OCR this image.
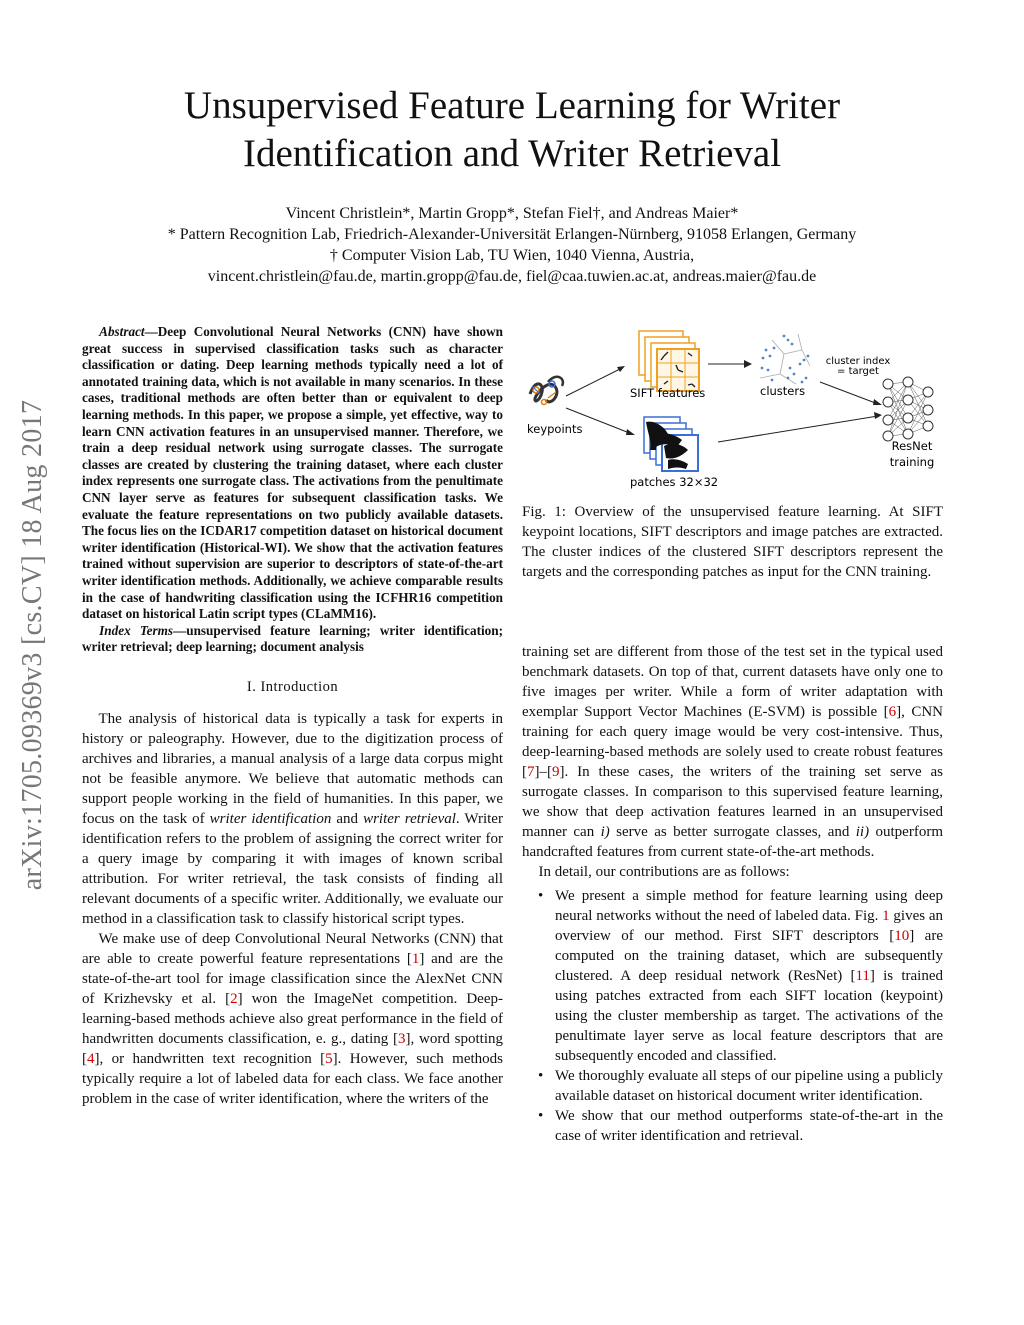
arXiv:1705.09369v3 [cs.CV] 18 Aug 2017
Unsupervised Feature Learning for Writer
Identification and Writer Retrieval
Vincent Christlein*, Martin Gropp*, Stefan Fiel†, and Andreas Maier*
* Pattern Recognition Lab, Friedrich-Alexander-Universität Erlangen-Nürnberg, 91058 Erlangen, Germany
† Computer Vision Lab, TU Wien, 1040 Vienna, Austria,
vincent.christlein@fau.de, martin.gropp@fau.de, fiel@caa.tuwien.ac.at, andreas.maier@fau.de

Abstract—Deep Convolutional Neural Networks (CNN) have shown great success in supervised classification tasks such as character classification or dating. Deep learning methods typically need a lot of annotated training data, which is not available in many scenarios. In these cases, traditional methods are often better than or equivalent to deep learning methods. In this paper, we propose a simple, yet effective, way to learn CNN activation features in an unsupervised manner. Therefore, we train a deep residual network using surrogate classes. The surrogate classes are created by clustering the training dataset, where each cluster index represents one surrogate class. The activations from the penultimate CNN layer serve as features for subsequent classification tasks. We evaluate the feature representations on two publicly available datasets. The focus lies on the ICDAR17 competition dataset on historical document writer identification (Historical-WI). We show that the activation features trained without supervision are superior to descriptors of state-of-the-art writer identification methods. Additionally, we achieve comparable results in the case of handwriting classification using the ICFHR16 competition dataset on historical Latin script types (CLaMM16).

Index Terms—unsupervised feature learning; writer identification; writer retrieval; deep learning; document analysis

I. Introduction

The analysis of historical data is typically a task for experts in history or paleography. However, due to the digitization process of archives and libraries, a manual analysis of a large data corpus might not be feasible anymore. We believe that automatic methods can support people working in the field of humanities. In this paper, we focus on the task of writer identification and writer retrieval. Writer identification refers to the problem of assigning the correct writer for a query image by comparing it with images of known scribal attribution. For writer retrieval, the task consists of finding all relevant documents of a specific writer. Additionally, we evaluate our method in a classification task to classify historical script types.

We make use of deep Convolutional Neural Networks (CNN) that are able to create powerful feature representations [1] and are the state-of-the-art tool for image classification since the AlexNet CNN of Krizhevsky et al. [2] won the ImageNet competition. Deep-learning-based methods achieve also great performance in the field of handwritten documents classification, e. g., dating [3], word spotting [4], or handwritten text recognition [5]. However, such methods typically require a lot of labeled data for each class. We face another problem in the case of writer identification, where the writers of the

keypoints
SIFT features	clusters
cluster index
= target
patches 32×32
ResNet
training
Fig. 1: Overview of the unsupervised feature learning. At SIFT keypoint locations, SIFT descriptors and image patches are extracted. The cluster indices of the clustered SIFT descriptors represent the targets and the corresponding patches as input for the CNN training.

training set are different from those of the test set in the typical used benchmark datasets. On top of that, current datasets have only one to five images per writer. While a form of writer adaptation with exemplar Support Vector Machines (E-SVM) is possible [6], CNN training for each query image would be very cost-intensive. Thus, deep-learning-based methods are solely used to create robust features [7]–[9]. In these cases, the writers of the training set serve as surrogate classes. In comparison to this supervised feature learning, we show that deep activation features learned in an unsupervised manner can i) serve as better surrogate classes, and ii) outperform handcrafted features from current state-of-the-art methods.

In detail, our contributions are as follows:

• We present a simple method for feature learning using deep neural networks without the need of labeled data. Fig. 1 gives an overview of our method. First SIFT descriptors [10] are computed on the training dataset, which are subsequently clustered. A deep residual network (ResNet) [11] is trained using patches extracted from each SIFT location (keypoint) using the cluster membership as target. The activations of the penultimate layer serve as local feature descriptors that are subsequently encoded and classified.
• We thoroughly evaluate all steps of our pipeline using a publicly available dataset on historical document writer identification.
• We show that our method outperforms state-of-the-art in the case of writer identification and retrieval.
